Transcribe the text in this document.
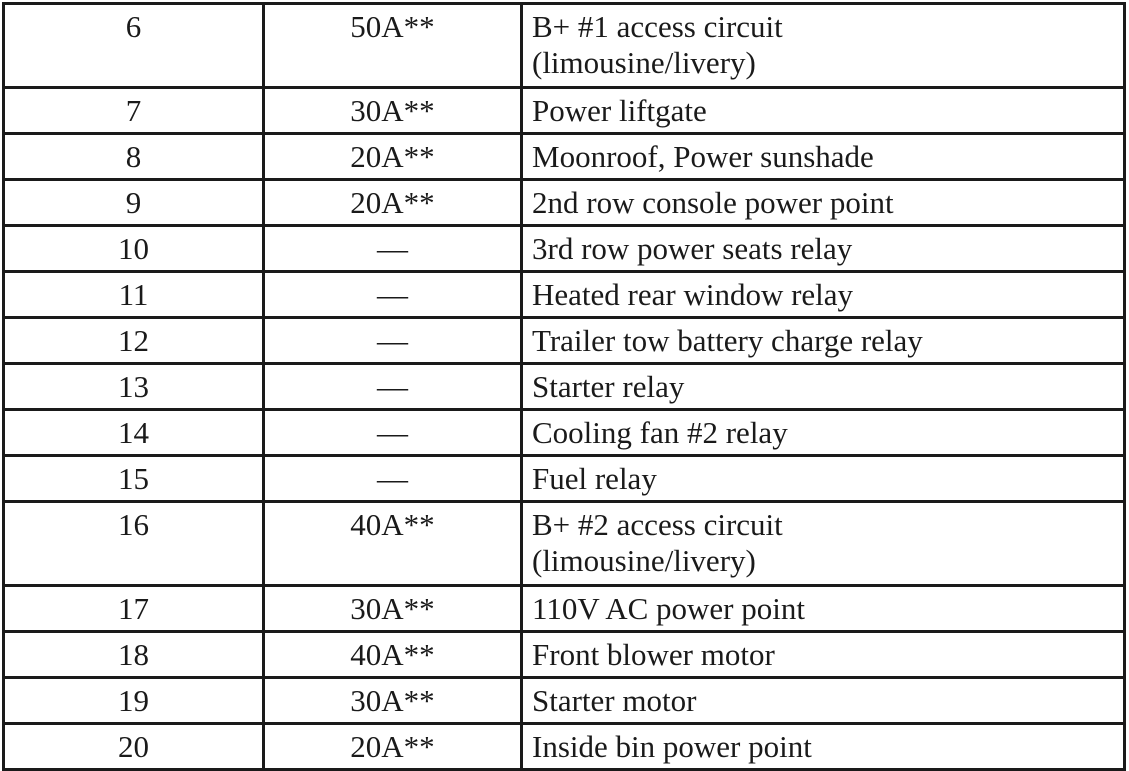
6	50A**	B+ #1 access circuit
(limousine/livery)

7	30A**	Power liftgate

8	20A**	Moonroof, Power sunshade

9	20A**	2nd row console power point

10	—	3rd row power seats relay

11	—	Heated rear window relay

12	—	Trailer tow battery charge relay

13	—	Starter relay

14	—	Cooling fan #2 relay

15	—	Fuel relay

16	40A**	B+ #2 access circuit
(limousine/livery)

17	30A**	110V AC power point

18	40A**	Front blower motor

19	30A**	Starter motor

20	20A**	Inside bin power point
